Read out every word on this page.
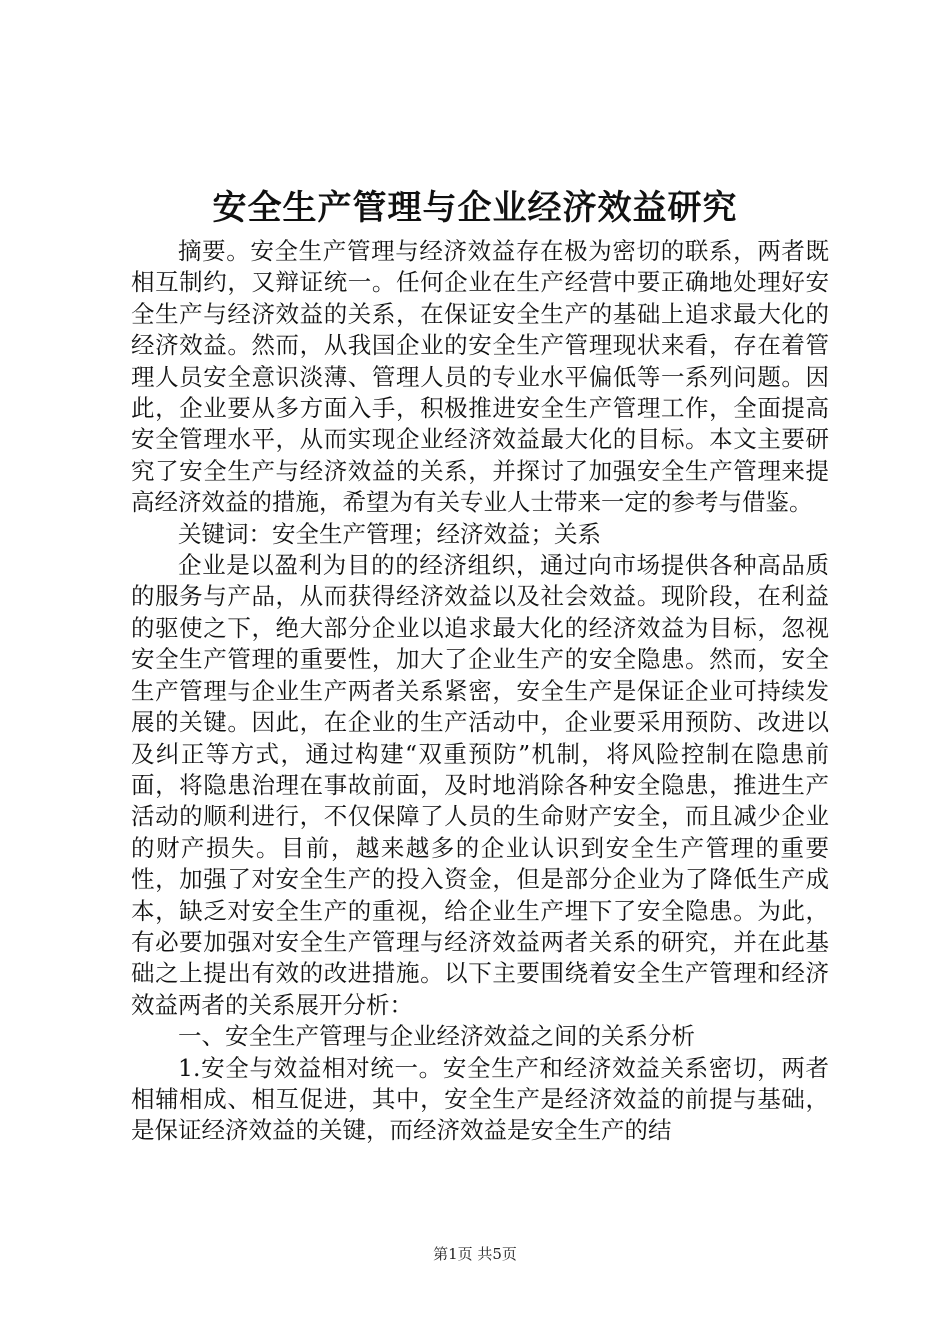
安全生产管理与企业经济效益研究

摘要。安全生产管理与经济效益存在极为密切的联系，两者既相互制约，又辩证统一。任何企业在生产经营中要正确地处理好安全生产与经济效益的关系，在保证安全生产的基础上追求最大化的经济效益。然而，从我国企业的安全生产管理现状来看，存在着管理人员安全意识淡薄、管理人员的专业水平偏低等一系列问题。因此，企业要从多方面入手，积极推进安全生产管理工作，全面提高安全管理水平，从而实现企业经济效益最大化的目标。本文主要研究了安全生产与经济效益的关系，并探讨了加强安全生产管理来提高经济效益的措施，希望为有关专业人士带来一定的参考与借鉴。

关键词：安全生产管理；经济效益；关系

企业是以盈利为目的的经济组织，通过向市场提供各种高品质的服务与产品，从而获得经济效益以及社会效益。现阶段，在利益的驱使之下，绝大部分企业以追求最大化的经济效益为目标，忽视安全生产管理的重要性，加大了企业生产的安全隐患。然而，安全生产管理与企业生产两者关系紧密，安全生产是保证企业可持续发展的关键。因此，在企业的生产活动中，企业要采用预防、改进以及纠正等方式，通过构建“双重预防”机制，将风险控制在隐患前面，将隐患治理在事故前面，及时地消除各种安全隐患，推进生产活动的顺利进行，不仅保障了人员的生命财产安全，而且减少企业的财产损失。目前，越来越多的企业认识到安全生产管理的重要性，加强了对安全生产的投入资金，但是部分企业为了降低生产成本，缺乏对安全生产的重视，给企业生产埋下了安全隐患。为此，有必要加强对安全生产管理与经济效益两者关系的研究，并在此基础之上提出有效的改进措施。以下主要围绕着安全生产管理和经济效益两者的关系展开分析：

一、安全生产管理与企业经济效益之间的关系分析

1.安全与效益相对统一。安全生产和经济效益关系密切，两者相辅相成、相互促进，其中，安全生产是经济效益的前提与基础，是保证经济效益的关键，而经济效益是安全生产的结

第1页 共5页
